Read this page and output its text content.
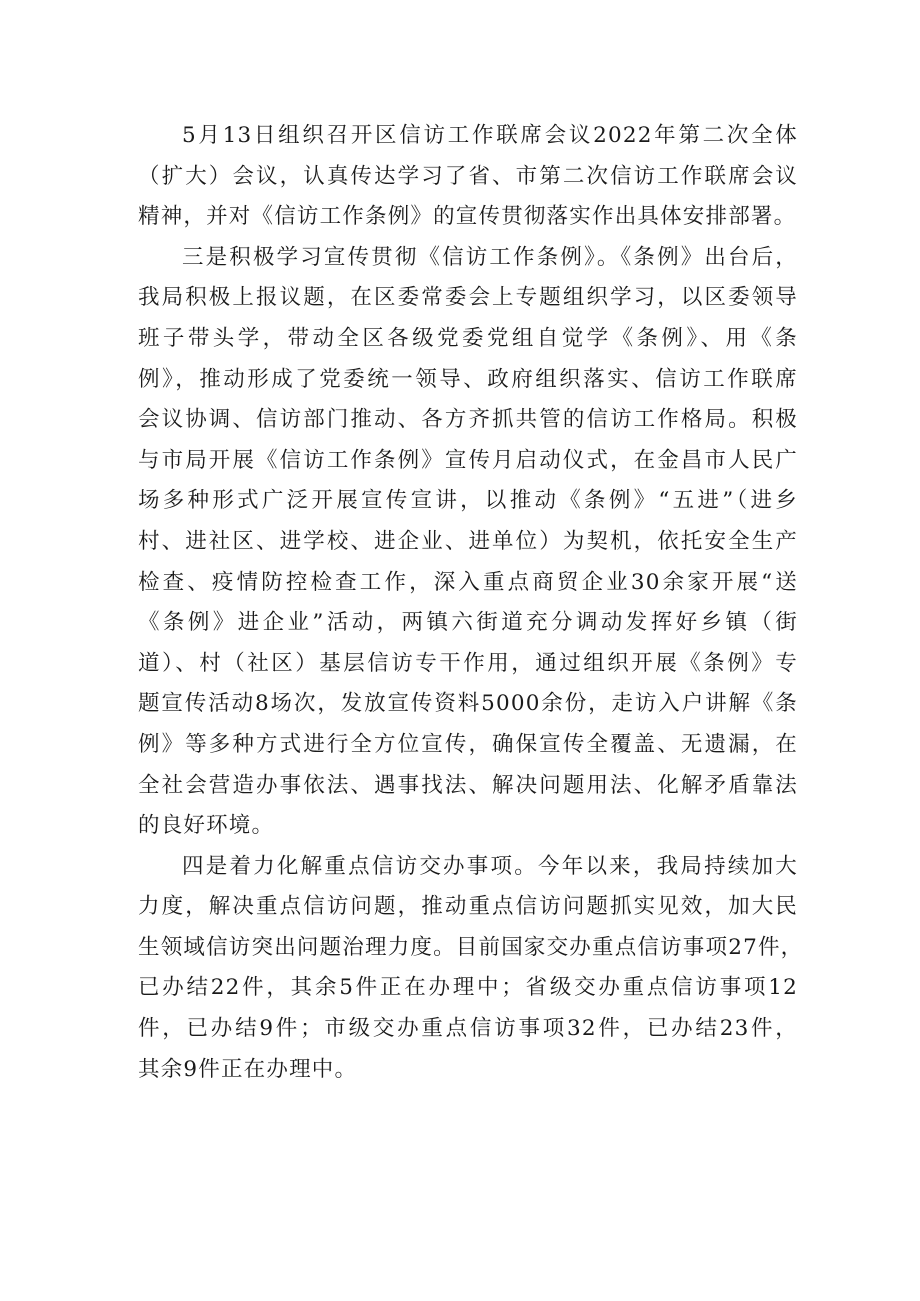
5月13日组织召开区信访工作联席会议2022年第二次全体
（扩大）会议，认真传达学习了省、市第二次信访工作联席会议
精神，并对《信访工作条例》的宣传贯彻落实作出具体安排部署。
三是积极学习宣传贯彻《信访工作条例》。《条例》出台后，
我局积极上报议题，在区委常委会上专题组织学习，以区委领导
班子带头学，带动全区各级党委党组自觉学《条例》、用《条
例》，推动形成了党委统一领导、政府组织落实、信访工作联席
会议协调、信访部门推动、各方齐抓共管的信访工作格局。积极
与市局开展《信访工作条例》宣传月启动仪式，在金昌市人民广
场多种形式广泛开展宣传宣讲，以推动《条例》“五进”（进乡
村、进社区、进学校、进企业、进单位）为契机，依托安全生产
检查、疫情防控检查工作，深入重点商贸企业30余家开展“送
《条例》进企业”活动，两镇六街道充分调动发挥好乡镇（街
道）、村（社区）基层信访专干作用，通过组织开展《条例》专
题宣传活动8场次，发放宣传资料5000余份，走访入户讲解《条
例》等多种方式进行全方位宣传，确保宣传全覆盖、无遗漏，在
全社会营造办事依法、遇事找法、解决问题用法、化解矛盾靠法
的良好环境。
四是着力化解重点信访交办事项。今年以来，我局持续加大
力度，解决重点信访问题，推动重点信访问题抓实见效，加大民
生领域信访突出问题治理力度。目前国家交办重点信访事项27件，
已办结22件，其余5件正在办理中；省级交办重点信访事项12
件，已办结9件；市级交办重点信访事项32件，已办结23件，
其余9件正在办理中。
